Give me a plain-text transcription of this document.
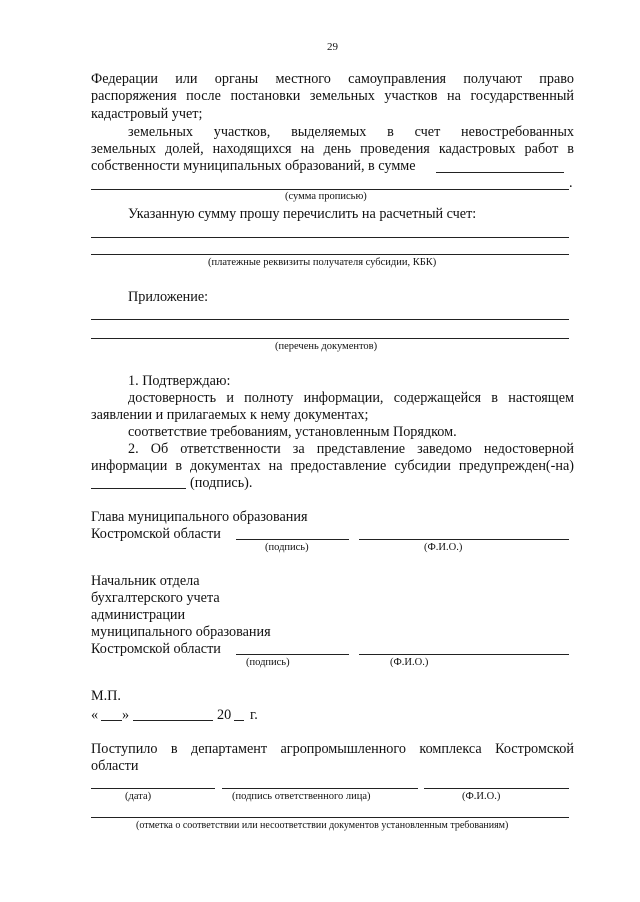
29
Федерации или органы местного самоуправления получают право
распоряжения после постановки земельных участков на государственный
кадастровый учет;
земельных участков, выделяемых в счет невостребованных
земельных долей, находящихся на день проведения кадастровых работ в
собственности муниципальных образований, в сумме
.
(сумма прописью)
Указанную сумму прошу перечислить на расчетный счет:
(платежные реквизиты получателя субсидии, КБК)
Приложение:
(перечень документов)
1. Подтверждаю:
достоверность и полноту информации, содержащейся в настоящем
заявлении и прилагаемых к нему документах;
соответствие требованиям, установленным Порядком.
2. Об ответственности за представление заведомо недостоверной
информации в документах на предоставление субсидии предупрежден(-на)
(подпись).
Глава муниципального образования
Костромской области
(подпись)	(Ф.И.О.)
Начальник отдела
бухгалтерского учета
администрации
муниципального образования
Костромской области
(подпись)	(Ф.И.О.)
М.П.
« »	20 г.
Поступило в департамент агропромышленного комплекса Костромской
области
(дата)	(подпись ответственного лица)	(Ф.И.О.)
(отметка о соответствии или несоответствии документов установленным требованиям)
